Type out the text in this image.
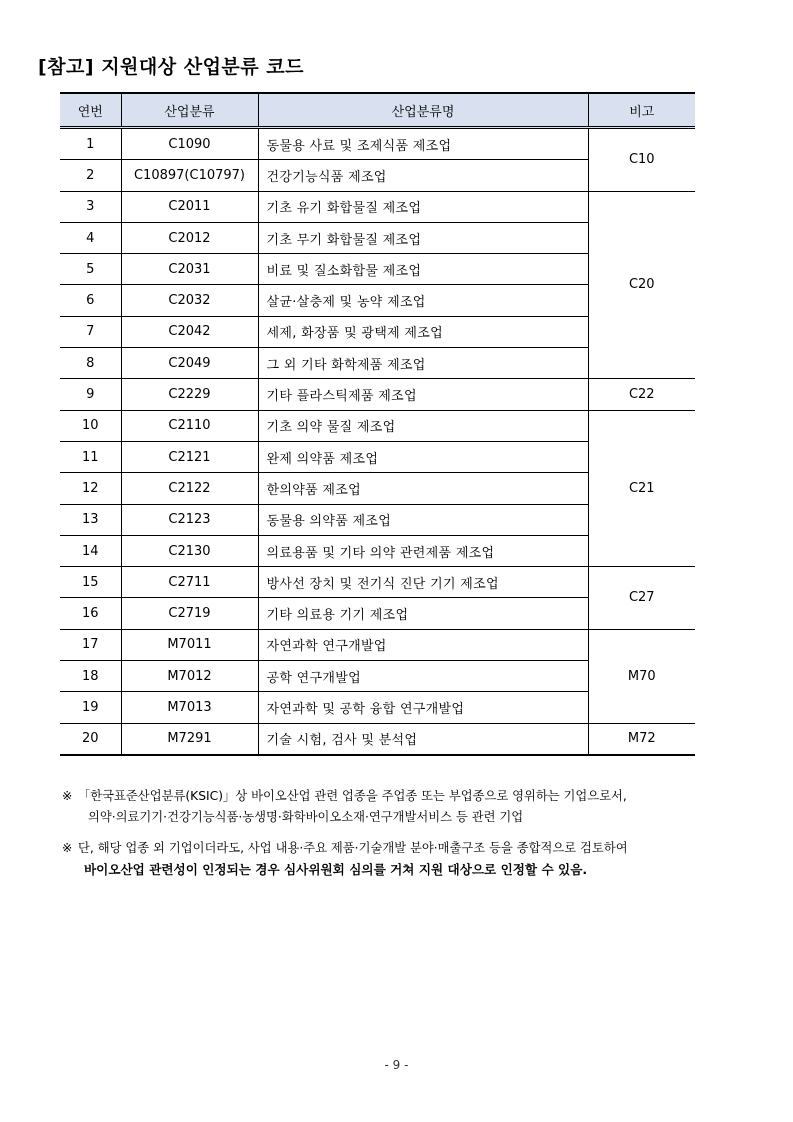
[참고] 지원대상 산업분류 코드
연번	산업분류	산업분류명	비고
1	C1090	동물용 사료 및 조제식품 제조업	C10
2	C10897(C10797)	건강기능식품 제조업	
3	C2011	기초 유기 화합물질 제조업	C20
4	C2012	기초 무기 화합물질 제조업	
5	C2031	비료 및 질소화합물 제조업	
6	C2032	살균·살충제 및 농약 제조업	
7	C2042	세제, 화장품 및 광택제 제조업	
8	C2049	그 외 기타 화학제품 제조업	
9	C2229	기타 플라스틱제품 제조업	C22
10	C2110	기초 의약 물질 제조업	C21
11	C2121	완제 의약품 제조업	
12	C2122	한의약품 제조업	
13	C2123	동물용 의약품 제조업	
14	C2130	의료용품 및 기타 의약 관련제품 제조업	
15	C2711	방사선 장치 및 전기식 진단 기기 제조업	C27
16	C2719	기타 의료용 기기 제조업	
17	M7011	자연과학 연구개발업	M70
18	M7012	공학 연구개발업	
19	M7013	자연과학 및 공학 융합 연구개발업	
20	M7291	기술 시험, 검사 및 분석업	M72
※ 「한국표준산업분류(KSIC)」상 바이오산업 관련 업종을 주업종 또는 부업종으로 영위하는 기업으로서,
의약·의료기기·건강기능식품·농생명·화학바이오소재·연구개발서비스 등 관련 기업
※ 단, 해당 업종 외 기업이더라도, 사업 내용·주요 제품·기술개발 분야·매출구조 등을 종합적으로 검토하여
바이오산업 관련성이 인정되는 경우 심사위원회 심의를 거쳐 지원 대상으로 인정할 수 있음.
- 9 -
